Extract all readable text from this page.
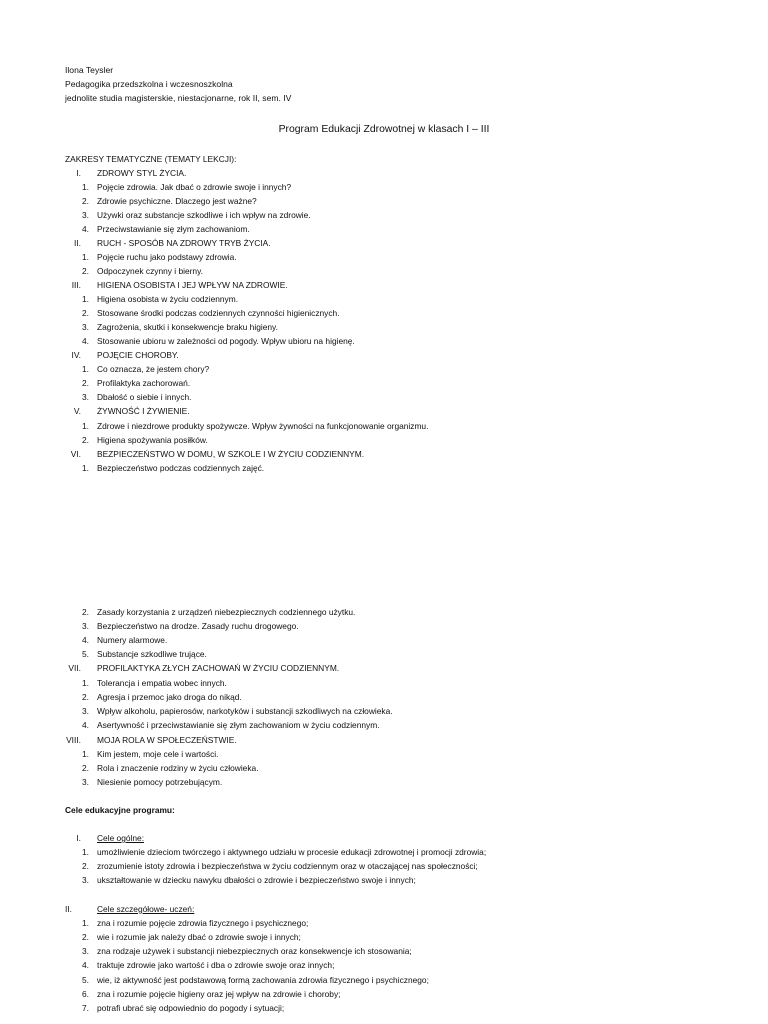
Ilona Teysler
Pedagogika przedszkolna i wczesnoszkolna
jednolite studia magisterskie, niestacjonarne, rok II, sem. IV
Program Edukacji Zdrowotnej w klasach I – III
ZAKRESY TEMATYCZNE (TEMATY LEKCJI):
I. ZDROWY STYL ŻYCIA.
1. Pojęcie zdrowia. Jak dbać o zdrowie swoje i innych?
2. Zdrowie psychiczne. Dlaczego jest ważne?
3. Używki oraz substancje szkodliwe i ich wpływ na zdrowie.
4. Przeciwstawianie się złym zachowaniom.
II. RUCH - SPOSÓB NA ZDROWY TRYB ŻYCIA.
1. Pojęcie ruchu jako podstawy zdrowia.
2. Odpoczynek czynny i bierny.
III. HIGIENA OSOBISTA I JEJ WPŁYW NA ZDROWIE.
1. Higiena osobista w życiu codziennym.
2. Stosowane środki podczas codziennych czynności higienicznych.
3. Zagrożenia, skutki i konsekwencje braku higieny.
4. Stosowanie ubioru w zależności od pogody. Wpływ ubioru na higienę.
IV. POJĘCIE CHOROBY.
1. Co oznacza, że jestem chory?
2. Profilaktyka zachorowań.
3. Dbałość o siebie i innych.
V. ŻYWNOŚĆ I ŻYWIENIE.
1. Zdrowe i niezdrowe produkty spożywcze. Wpływ żywności na funkcjonowanie organizmu.
2. Higiena spożywania posiłków.
VI. BEZPIECZEŃSTWO W DOMU, W SZKOLE I W ŻYCIU CODZIENNYM.
1. Bezpieczeństwo podczas codziennych zajęć.
2. Zasady korzystania z urządzeń niebezpiecznych codziennego użytku.
3. Bezpieczeństwo na drodze. Zasady ruchu drogowego.
4. Numery alarmowe.
5. Substancje szkodliwe trujące.
VII. PROFILAKTYKA ZŁYCH ZACHOWAŃ W ŻYCIU CODZIENNYM.
1. Tolerancja i empatia wobec innych.
2. Agresja i przemoc jako droga do nikąd.
3. Wpływ alkoholu, papierosów, narkotyków i substancji szkodliwych na człowieka.
4. Asertywność i przeciwstawianie się złym zachowaniom w życiu codziennym.
VIII. MOJA ROLA W SPOŁECZEŃSTWIE.
1. Kim jestem, moje cele i wartości.
2. Rola i znaczenie rodziny w życiu człowieka.
3. Niesienie pomocy potrzebującym.
Cele edukacyjne programu:
I. Cele ogólne:
1. umożliwienie dzieciom twórczego i aktywnego udziału w procesie edukacji zdrowotnej i promocji zdrowia;
2. zrozumienie istoty zdrowia i bezpieczeństwa w życiu codziennym oraz w otaczającej nas społeczności;
3. ukształtowanie w dziecku nawyku dbałości o zdrowie i bezpieczeństwo swoje i innych;
II.	Cele szczegółowe- uczeń:
1. zna i rozumie pojęcie zdrowia fizycznego i psychicznego;
2. wie i rozumie jak należy dbać o zdrowie swoje i innych;
3. zna rodzaje używek i substancji niebezpiecznych oraz konsekwencje ich stosowania;
4. traktuje zdrowie jako wartość i dba o zdrowie swoje oraz innych;
5. wie, iż aktywność jest podstawową formą zachowania zdrowia fizycznego i psychicznego;
6. zna i rozumie pojęcie higieny oraz jej wpływ na zdrowie i choroby;
7. potrafi ubrać się odpowiednio do pogody i sytuacji;
